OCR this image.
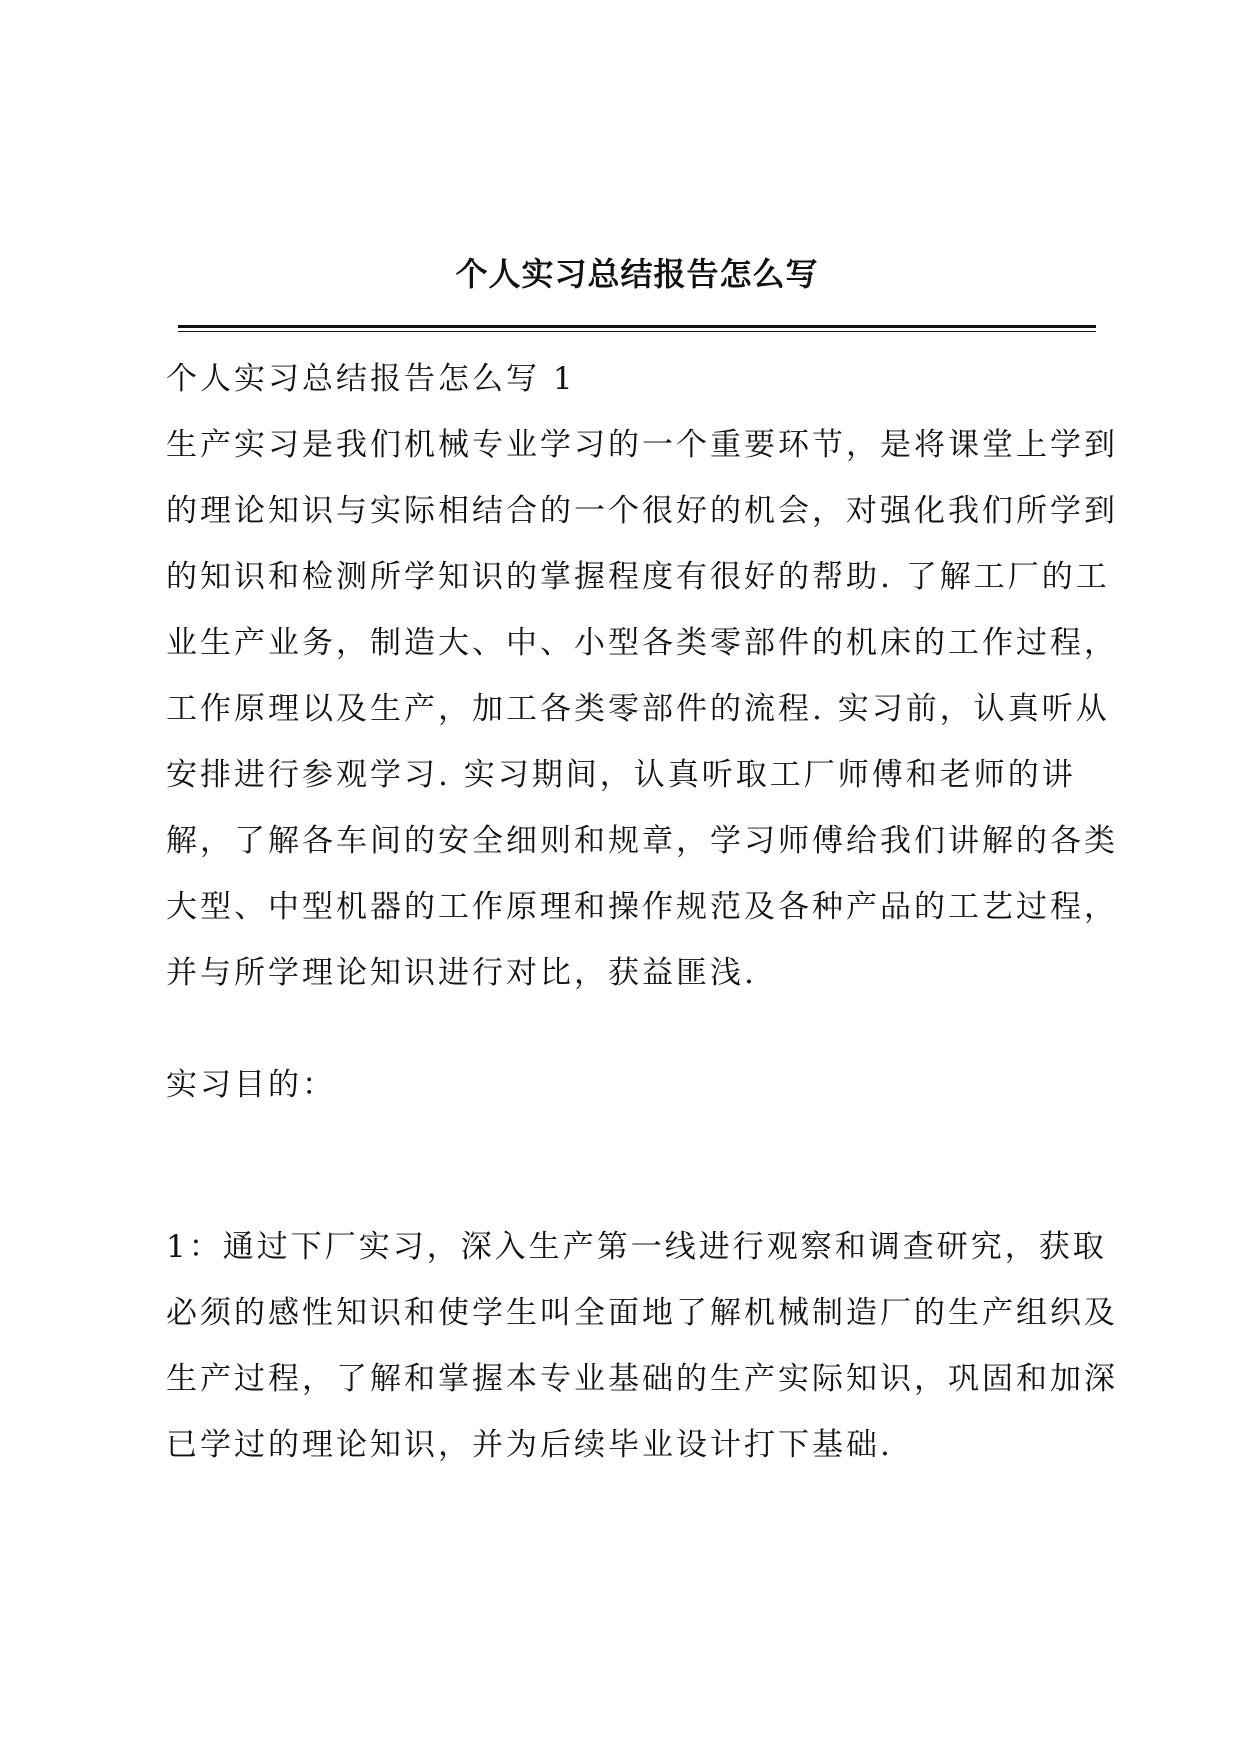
个人实习总结报告怎么写

个人实习总结报告怎么写 1

生产实习是我们机械专业学习的一个重要环节，是将课堂上学到
的理论知识与实际相结合的一个很好的机会，对强化我们所学到
的知识和检测所学知识的掌握程度有很好的帮助. 了解工厂的工
业生产业务，制造大、中、小型各类零部件的机床的工作过程，
工作原理以及生产，加工各类零部件的流程. 实习前，认真听从
安排进行参观学习. 实习期间，认真听取工厂师傅和老师的讲
解，了解各车间的安全细则和规章，学习师傅给我们讲解的各类
大型、中型机器的工作原理和操作规范及各种产品的工艺过程，
并与所学理论知识进行对比，获益匪浅.

实习目的：

1：通过下厂实习，深入生产第一线进行观察和调查研究，获取
必须的感性知识和使学生叫全面地了解机械制造厂的生产组织及
生产过程，了解和掌握本专业基础的生产实际知识，巩固和加深
已学过的理论知识，并为后续毕业设计打下基础.
